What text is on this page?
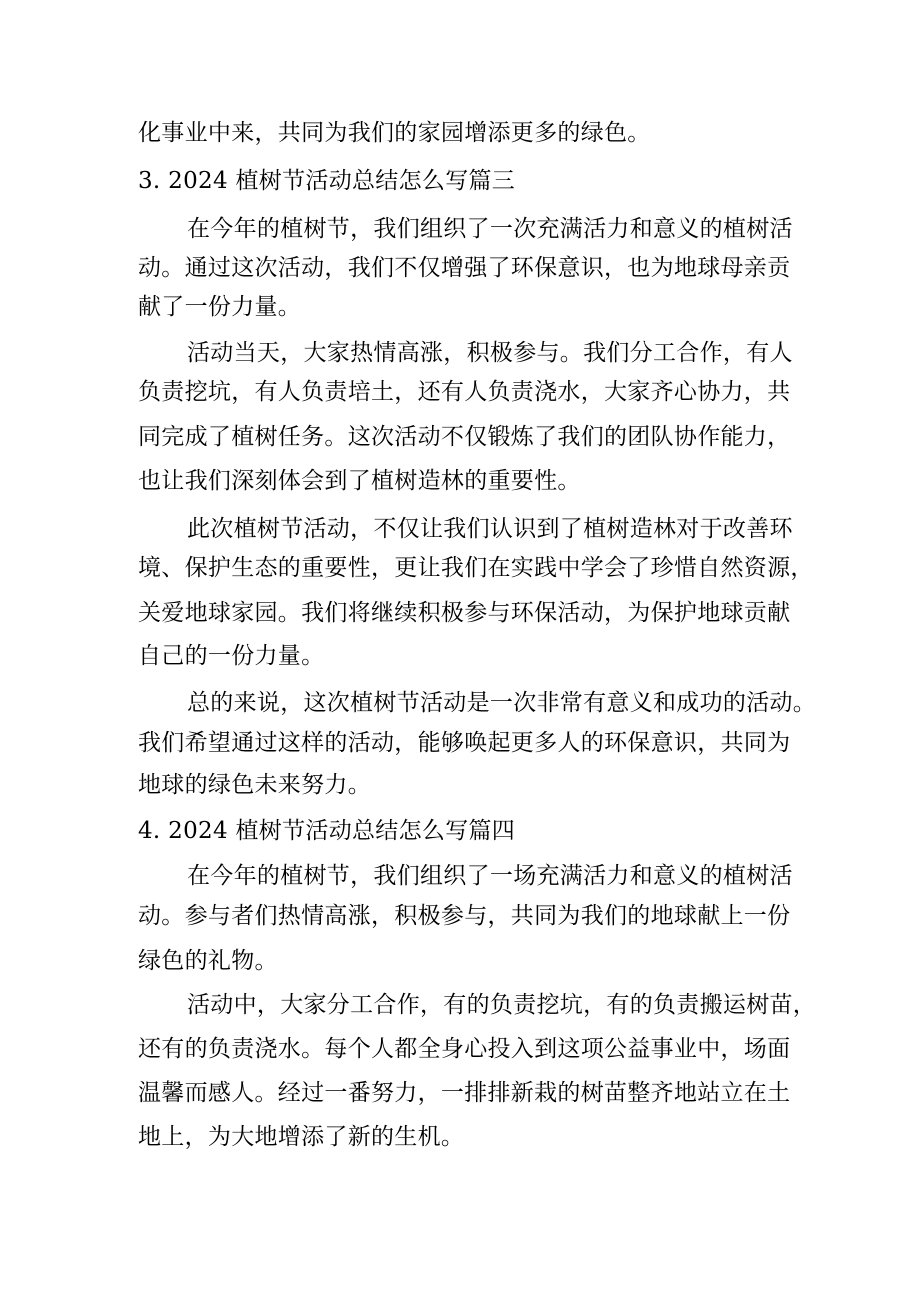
化事业中来，共同为我们的家园增添更多的绿色。
3. 2024 植树节活动总结怎么写篇三
在今年的植树节，我们组织了一次充满活力和意义的植树活
动。通过这次活动，我们不仅增强了环保意识，也为地球母亲贡
献了一份力量。
活动当天，大家热情高涨，积极参与。我们分工合作，有人
负责挖坑，有人负责培土，还有人负责浇水，大家齐心协力，共
同完成了植树任务。这次活动不仅锻炼了我们的团队协作能力，
也让我们深刻体会到了植树造林的重要性。
此次植树节活动，不仅让我们认识到了植树造林对于改善环
境、保护生态的重要性，更让我们在实践中学会了珍惜自然资源，
关爱地球家园。我们将继续积极参与环保活动，为保护地球贡献
自己的一份力量。
总的来说，这次植树节活动是一次非常有意义和成功的活动。
我们希望通过这样的活动，能够唤起更多人的环保意识，共同为
地球的绿色未来努力。
4. 2024 植树节活动总结怎么写篇四
在今年的植树节，我们组织了一场充满活力和意义的植树活
动。参与者们热情高涨，积极参与，共同为我们的地球献上一份
绿色的礼物。
活动中，大家分工合作，有的负责挖坑，有的负责搬运树苗，
还有的负责浇水。每个人都全身心投入到这项公益事业中，场面
温馨而感人。经过一番努力，一排排新栽的树苗整齐地站立在土
地上，为大地增添了新的生机。
